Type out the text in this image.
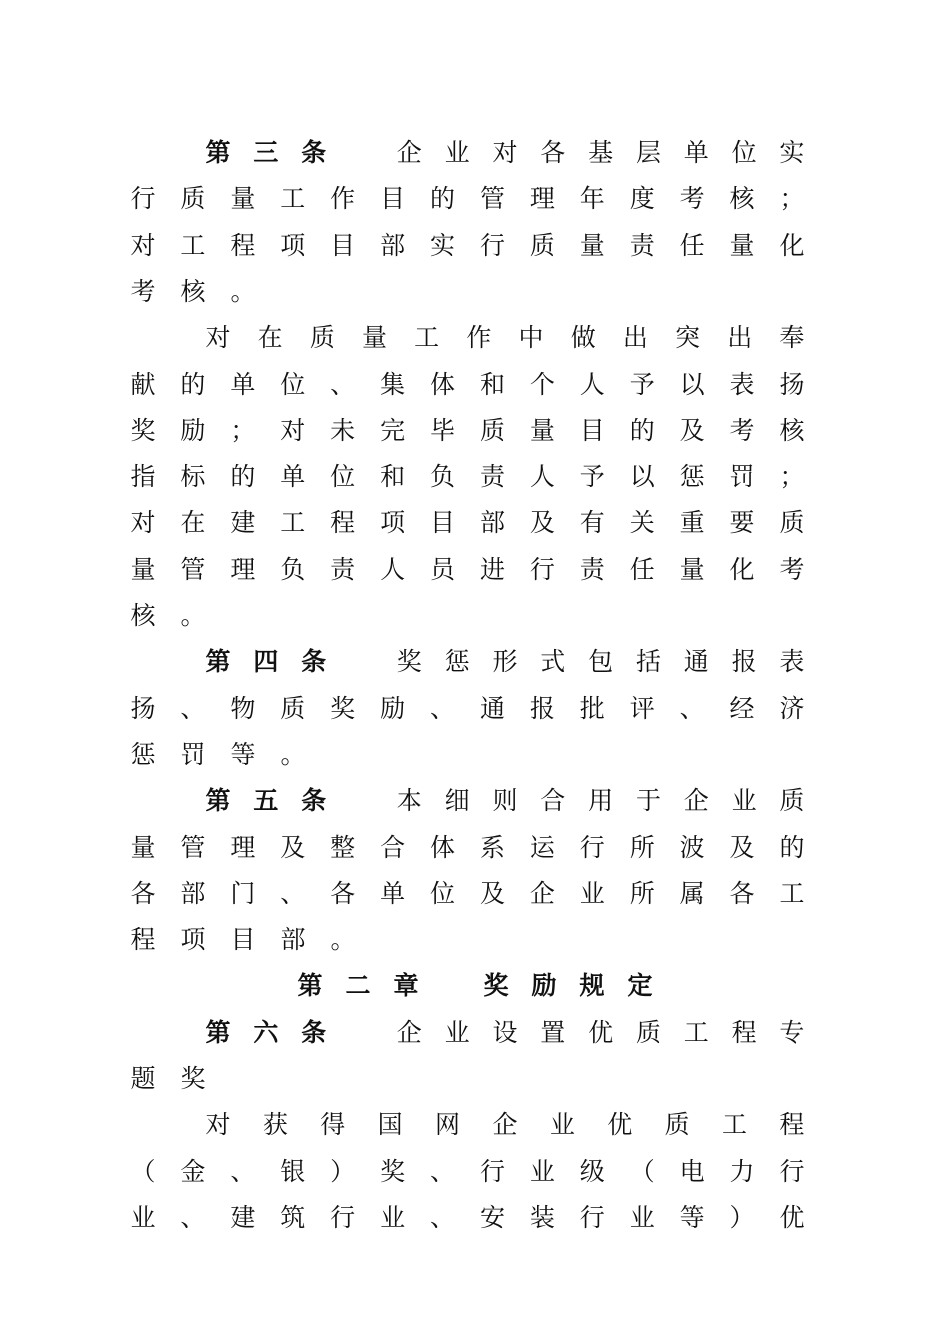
第 三 条	企 业 对 各 基 层 单 位 实
行 质 量 工 作 目 的 管 理 年 度 考 核 ；
对 工 程 项 目 部 实 行 质 量 责 任 量 化
考 核 。
对 在 质 量 工 作 中 做 出 突 出 奉
献 的 单 位 、 集 体 和 个 人 予 以 表 扬
奖 励 ； 对 未 完 毕 质 量 目 的 及 考 核
指 标 的 单 位 和 负 责 人 予 以 惩 罚 ；
对 在 建 工 程 项 目 部 及 有 关 重 要 质
量 管 理 负 责 人 员 进 行 责 任 量 化 考
核 。
第 四 条	奖 惩 形 式 包 括 通 报 表
扬 、 物 质 奖 励 、 通 报 批 评 、 经 济
惩 罚 等 。
第 五 条	本 细 则 合 用 于 企 业 质
量 管 理 及 整 合 体 系 运 行 所 波 及 的
各 部 门 、 各 单 位 及 企 业 所 属 各 工
程 项 目 部 。
第 二 章	奖 励 规 定
第 六 条	企 业 设 置 优 质 工 程 专
题 奖
对 获 得 国 网 企 业 优 质 工 程
（ 金 、 银 ） 奖 、 行 业 级 （ 电 力 行
业 、 建 筑 行 业 、 安 装 行 业 等 ） 优
